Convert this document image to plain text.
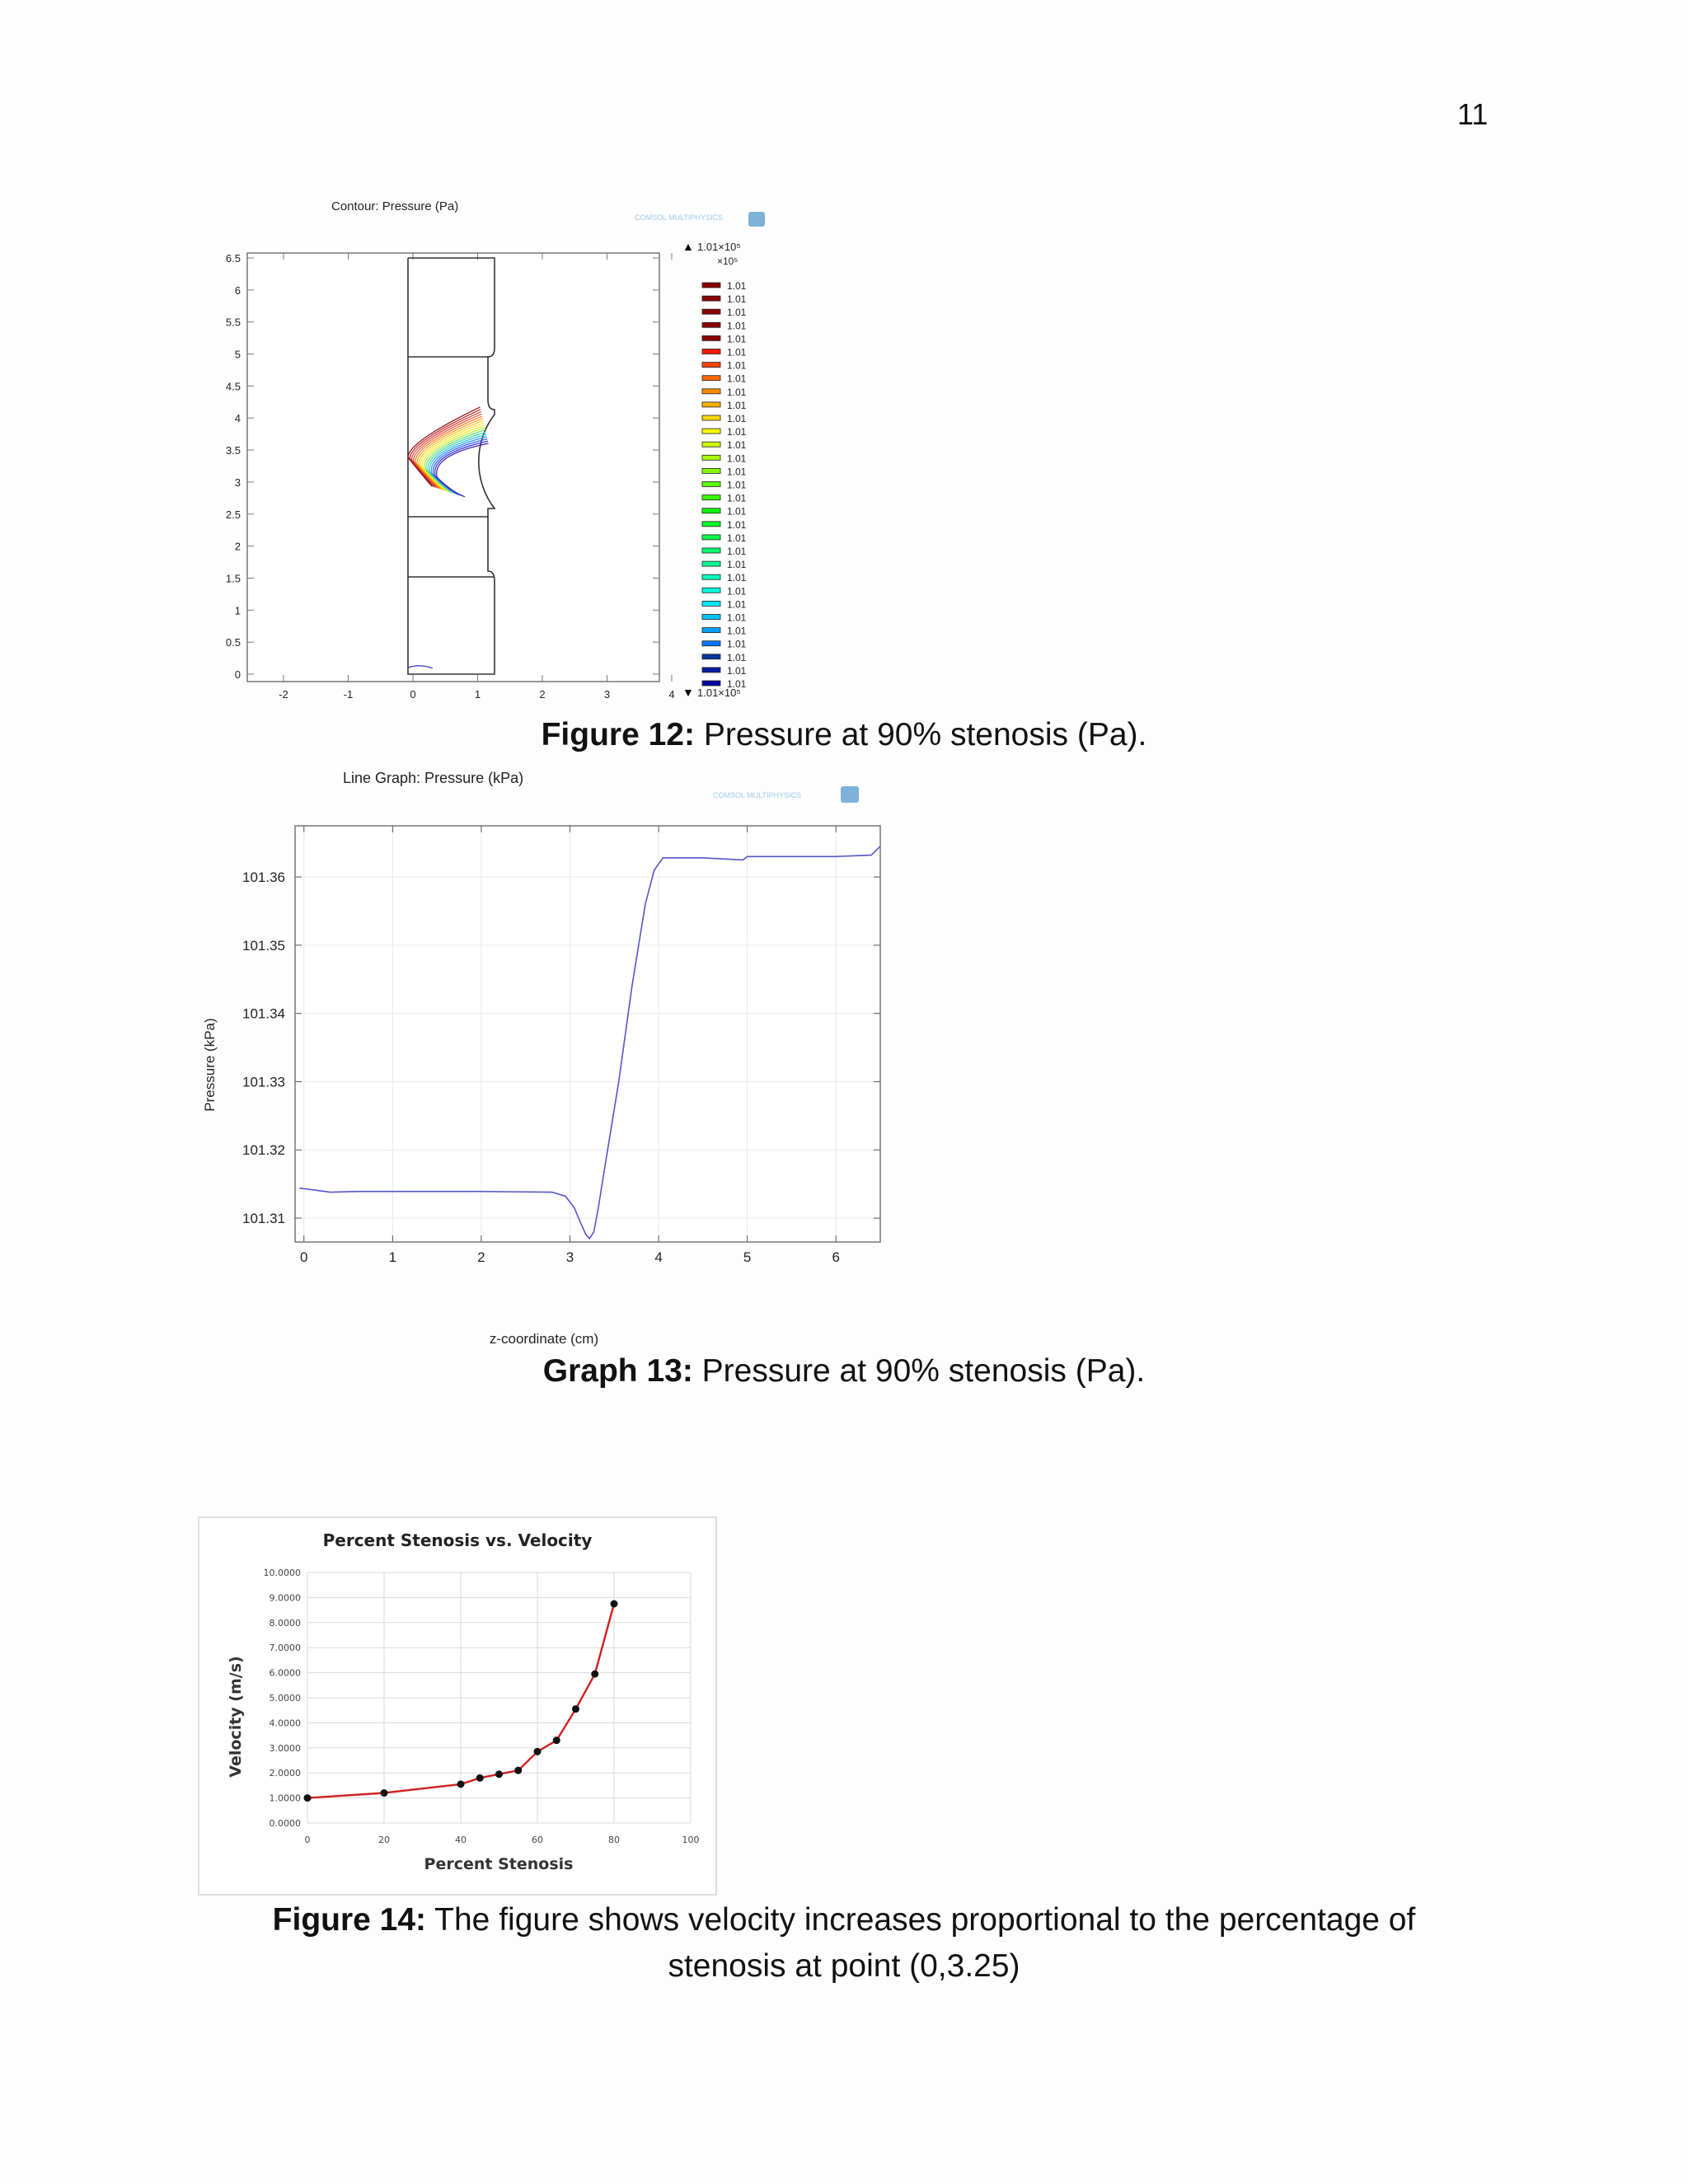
11
Contour: Pressure (Pa)
COMSOL MULTIPHYSICS
6.5
6
5.5
5
4.5
4
3.5
3
2.5
2
1.5
1
0.5
0
-2	-1	0	1	2	3	4
▲ 1.01×10⁵
×10⁵
1.01
1.01
1.01
1.01
1.01
1.01
1.01
1.01
1.01
1.01
1.01
1.01
1.01
1.01
1.01
1.01
1.01
1.01
1.01
1.01
1.01
1.01
1.01
1.01
1.01
1.01
1.01
1.01
1.01
1.01
1.01
▼ 1.01×10⁵
Figure 12: Pressure at 90% stenosis (Pa).
Line Graph: Pressure (kPa)
COMSOL MULTIPHYSICS
101.31
101.32
101.33
101.34
101.35
101.36
0	1	2	3	4	5	6
z-coordinate (cm)
Pressure (kPa)
Graph 13: Pressure at 90% stenosis (Pa).
Percent Stenosis vs. Velocity
0.0000
1.0000
2.0000
3.0000
4.0000
5.0000
6.0000
7.0000
8.0000
9.0000
10.0000
0	20	40	60	80	100
Percent Stenosis
Velocity (m/s)
Figure 14: The figure shows velocity increases proportional to the percentage of
stenosis at point (0,3.25)
